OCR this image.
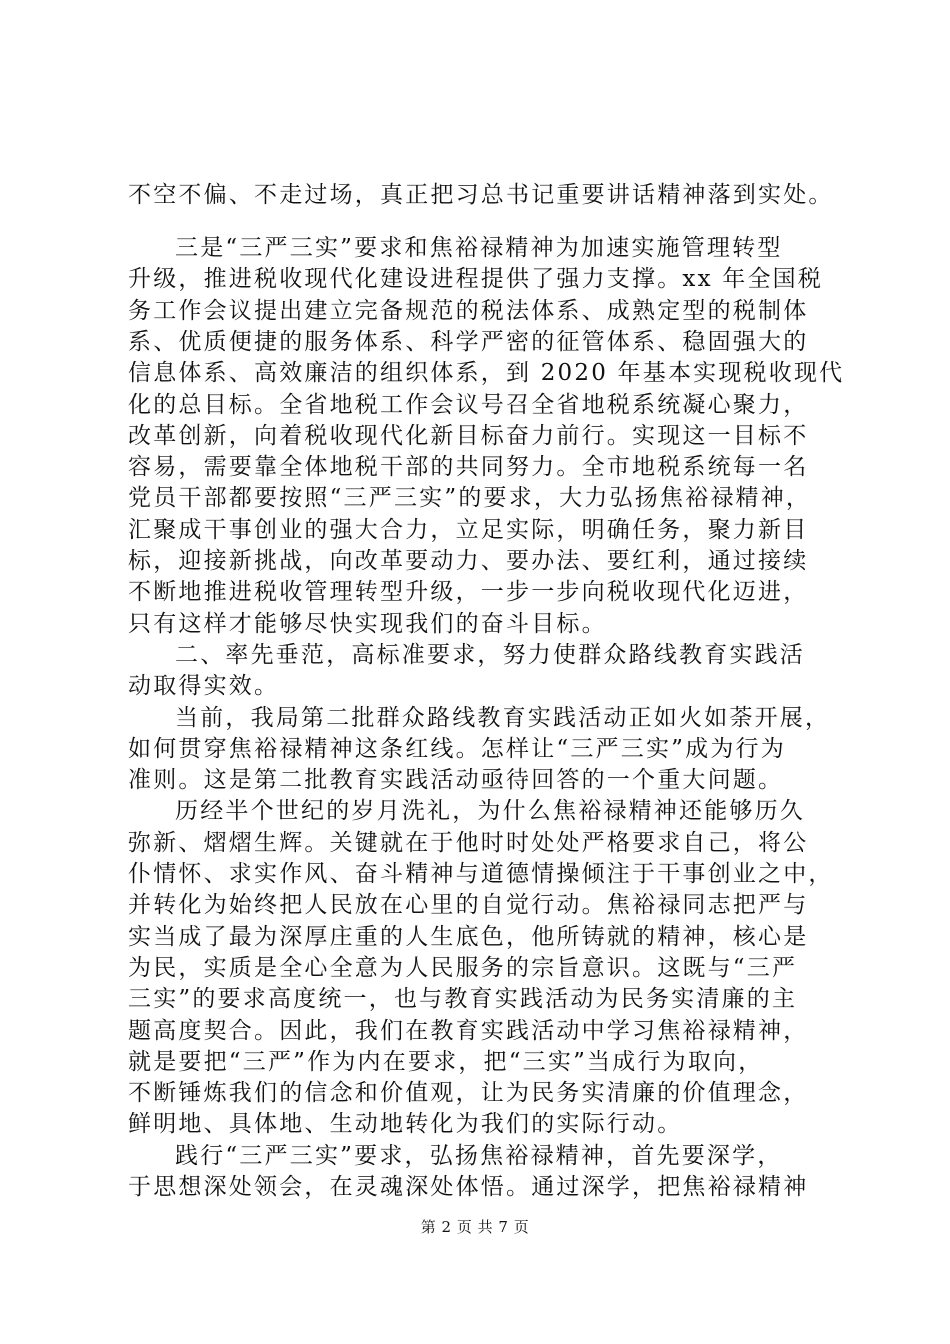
不空不偏、不走过场，真正把习总书记重要讲话精神落到实处。
三是“三严三实”要求和焦裕禄精神为加速实施管理转型
升级，推进税收现代化建设进程提供了强力支撑。xx 年全国税
务工作会议提出建立完备规范的税法体系、成熟定型的税制体
系、优质便捷的服务体系、科学严密的征管体系、稳固强大的
信息体系、高效廉洁的组织体系，到 2020 年基本实现税收现代
化的总目标。全省地税工作会议号召全省地税系统凝心聚力，
改革创新，向着税收现代化新目标奋力前行。实现这一目标不
容易，需要靠全体地税干部的共同努力。全市地税系统每一名
党员干部都要按照“三严三实”的要求，大力弘扬焦裕禄精神，
汇聚成干事创业的强大合力，立足实际，明确任务，聚力新目
标，迎接新挑战，向改革要动力、要办法、要红利，通过接续
不断地推进税收管理转型升级，一步一步向税收现代化迈进，
只有这样才能够尽快实现我们的奋斗目标。
二、率先垂范，高标准要求，努力使群众路线教育实践活
动取得实效。
当前，我局第二批群众路线教育实践活动正如火如荼开展，
如何贯穿焦裕禄精神这条红线。怎样让“三严三实”成为行为
准则。这是第二批教育实践活动亟待回答的一个重大问题。
历经半个世纪的岁月洗礼，为什么焦裕禄精神还能够历久
弥新、熠熠生辉。关键就在于他时时处处严格要求自己，将公
仆情怀、求实作风、奋斗精神与道德情操倾注于干事创业之中，
并转化为始终把人民放在心里的自觉行动。焦裕禄同志把严与
实当成了最为深厚庄重的人生底色，他所铸就的精神，核心是
为民，实质是全心全意为人民服务的宗旨意识。这既与“三严
三实”的要求高度统一，也与教育实践活动为民务实清廉的主
题高度契合。因此，我们在教育实践活动中学习焦裕禄精神，
就是要把“三严”作为内在要求，把“三实”当成行为取向，
不断锤炼我们的信念和价值观，让为民务实清廉的价值理念，
鲜明地、具体地、生动地转化为我们的实际行动。
践行“三严三实”要求，弘扬焦裕禄精神，首先要深学，
于思想深处领会，在灵魂深处体悟。通过深学，把焦裕禄精神
第 2 页 共 7 页
